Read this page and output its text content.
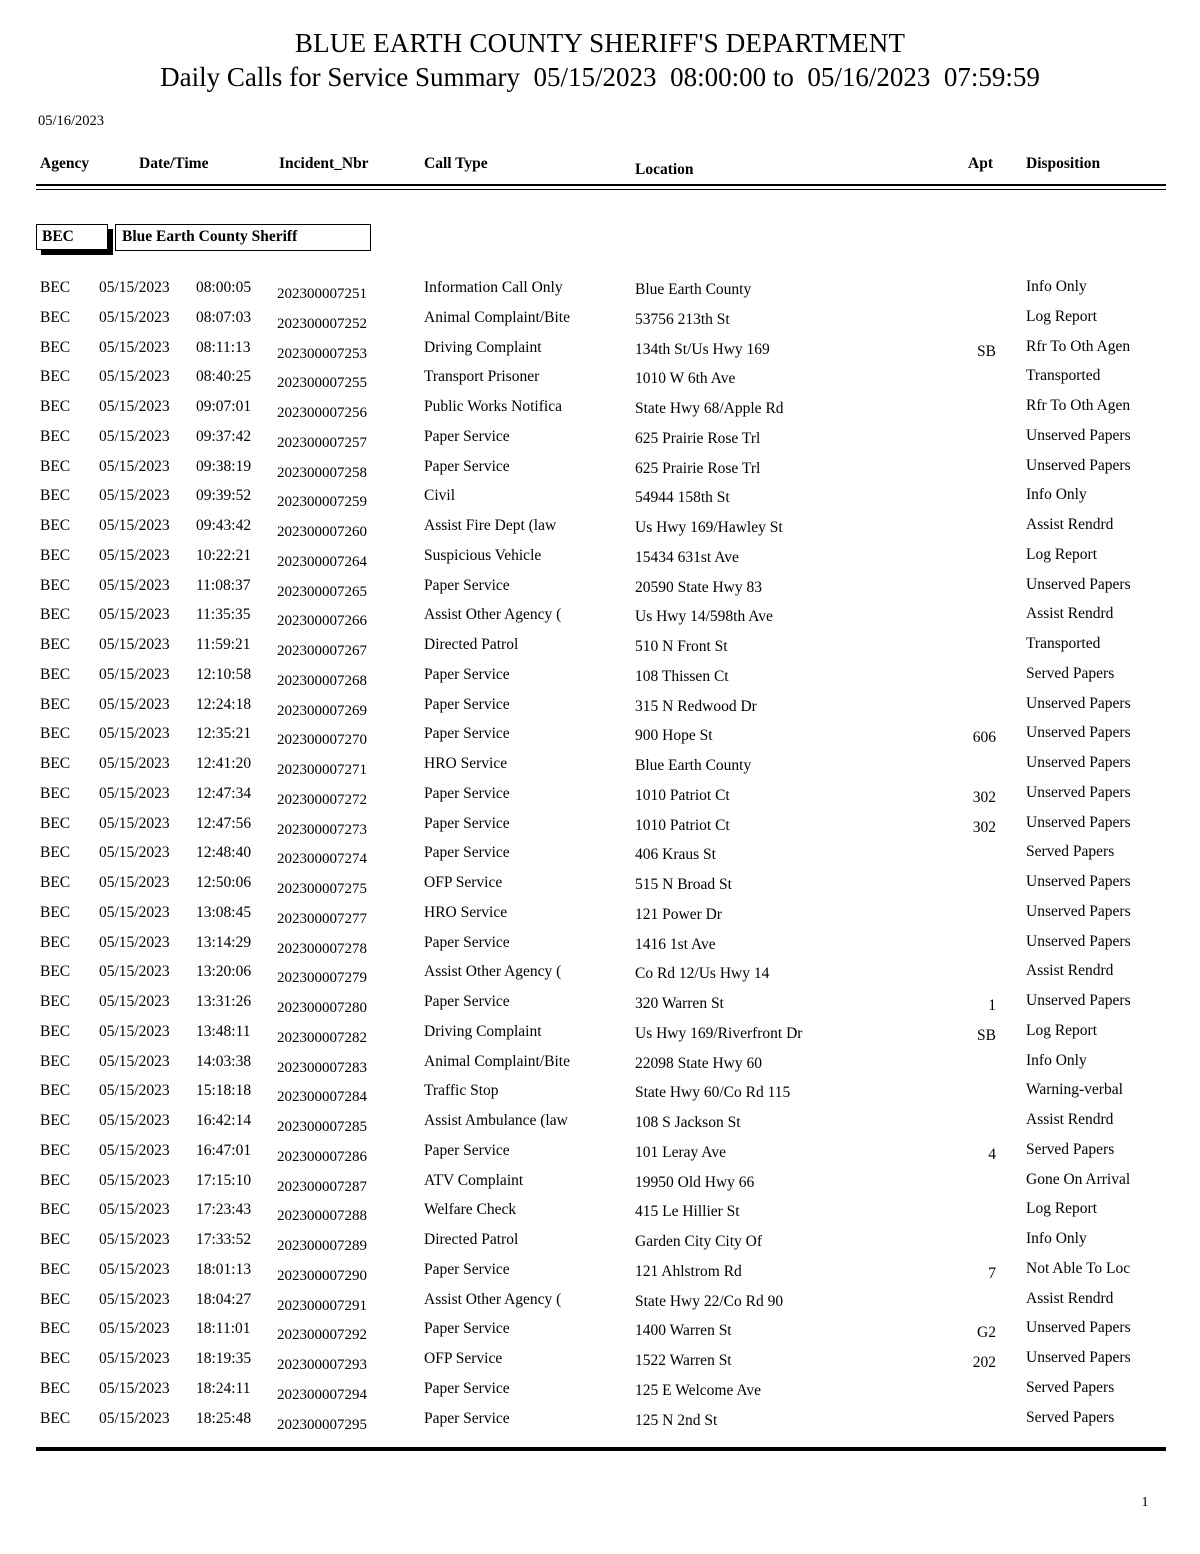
BLUE EARTH COUNTY SHERIFF'S DEPARTMENT
Daily Calls for Service Summary 05/15/2023 08:00:00 to 05/16/2023 07:59:59
05/16/2023
Agency	Date/Time	Incident_Nbr	Call Type	Location	Apt Disposition
BEC	Blue Earth County Sheriff
BEC 05/15/2023 08:00:05 202300007251	Information Call Only	Blue Earth County	Info Only
BEC 05/15/2023 08:07:03 202300007252	Animal Complaint/Bite	53756 213th St	Log Report
BEC 05/15/2023 08:11:13 202300007253	Driving Complaint	134th St/Us Hwy 169	SB Rfr To Oth Agen
BEC 05/15/2023 08:40:25 202300007255	Transport Prisoner	1010 W 6th Ave	Transported
BEC 05/15/2023 09:07:01 202300007256	Public Works Notifica	State Hwy 68/Apple Rd	Rfr To Oth Agen
BEC 05/15/2023 09:37:42 202300007257	Paper Service	625 Prairie Rose Trl	Unserved Papers
BEC 05/15/2023 09:38:19 202300007258	Paper Service	625 Prairie Rose Trl	Unserved Papers
BEC 05/15/2023 09:39:52 202300007259	Civil	54944 158th St	Info Only
BEC 05/15/2023 09:43:42 202300007260	Assist Fire Dept (law	Us Hwy 169/Hawley St	Assist Rendrd
BEC 05/15/2023 10:22:21 202300007264	Suspicious Vehicle	15434 631st Ave	Log Report
BEC 05/15/2023 11:08:37 202300007265	Paper Service	20590 State Hwy 83	Unserved Papers
BEC 05/15/2023 11:35:35 202300007266	Assist Other Agency (	Us Hwy 14/598th Ave	Assist Rendrd
BEC 05/15/2023 11:59:21 202300007267	Directed Patrol	510 N Front St	Transported
BEC 05/15/2023 12:10:58 202300007268	Paper Service	108 Thissen Ct	Served Papers
BEC 05/15/2023 12:24:18 202300007269	Paper Service	315 N Redwood Dr	Unserved Papers
BEC 05/15/2023 12:35:21 202300007270	Paper Service	900 Hope St	606 Unserved Papers
BEC 05/15/2023 12:41:20 202300007271	HRO Service	Blue Earth County	Unserved Papers
BEC 05/15/2023 12:47:34 202300007272	Paper Service	1010 Patriot Ct	302 Unserved Papers
BEC 05/15/2023 12:47:56 202300007273	Paper Service	1010 Patriot Ct	302 Unserved Papers
BEC 05/15/2023 12:48:40 202300007274	Paper Service	406 Kraus St	Served Papers
BEC 05/15/2023 12:50:06 202300007275	OFP Service	515 N Broad St	Unserved Papers
BEC 05/15/2023 13:08:45 202300007277	HRO Service	121 Power Dr	Unserved Papers
BEC 05/15/2023 13:14:29 202300007278	Paper Service	1416 1st Ave	Unserved Papers
BEC 05/15/2023 13:20:06 202300007279	Assist Other Agency (	Co Rd 12/Us Hwy 14	Assist Rendrd
BEC 05/15/2023 13:31:26 202300007280	Paper Service	320 Warren St	1 Unserved Papers
BEC 05/15/2023 13:48:11 202300007282	Driving Complaint	Us Hwy 169/Riverfront Dr	SB Log Report
BEC 05/15/2023 14:03:38 202300007283	Animal Complaint/Bite	22098 State Hwy 60	Info Only
BEC 05/15/2023 15:18:18 202300007284	Traffic Stop	State Hwy 60/Co Rd 115	Warning-verbal
BEC 05/15/2023 16:42:14 202300007285	Assist Ambulance (law	108 S Jackson St	Assist Rendrd
BEC 05/15/2023 16:47:01 202300007286	Paper Service	101 Leray Ave	4 Served Papers
BEC 05/15/2023 17:15:10 202300007287	ATV Complaint	19950 Old Hwy 66	Gone On Arrival
BEC 05/15/2023 17:23:43 202300007288	Welfare Check	415 Le Hillier St	Log Report
BEC 05/15/2023 17:33:52 202300007289	Directed Patrol	Garden City City Of	Info Only
BEC 05/15/2023 18:01:13 202300007290	Paper Service	121 Ahlstrom Rd	7 Not Able To Loc
BEC 05/15/2023 18:04:27 202300007291	Assist Other Agency (	State Hwy 22/Co Rd 90	Assist Rendrd
BEC 05/15/2023 18:11:01 202300007292	Paper Service	1400 Warren St	G2 Unserved Papers
BEC 05/15/2023 18:19:35 202300007293	OFP Service	1522 Warren St	202 Unserved Papers
BEC 05/15/2023 18:24:11 202300007294	Paper Service	125 E Welcome Ave	Served Papers
BEC 05/15/2023 18:25:48 202300007295	Paper Service	125 N 2nd St	Served Papers
1
